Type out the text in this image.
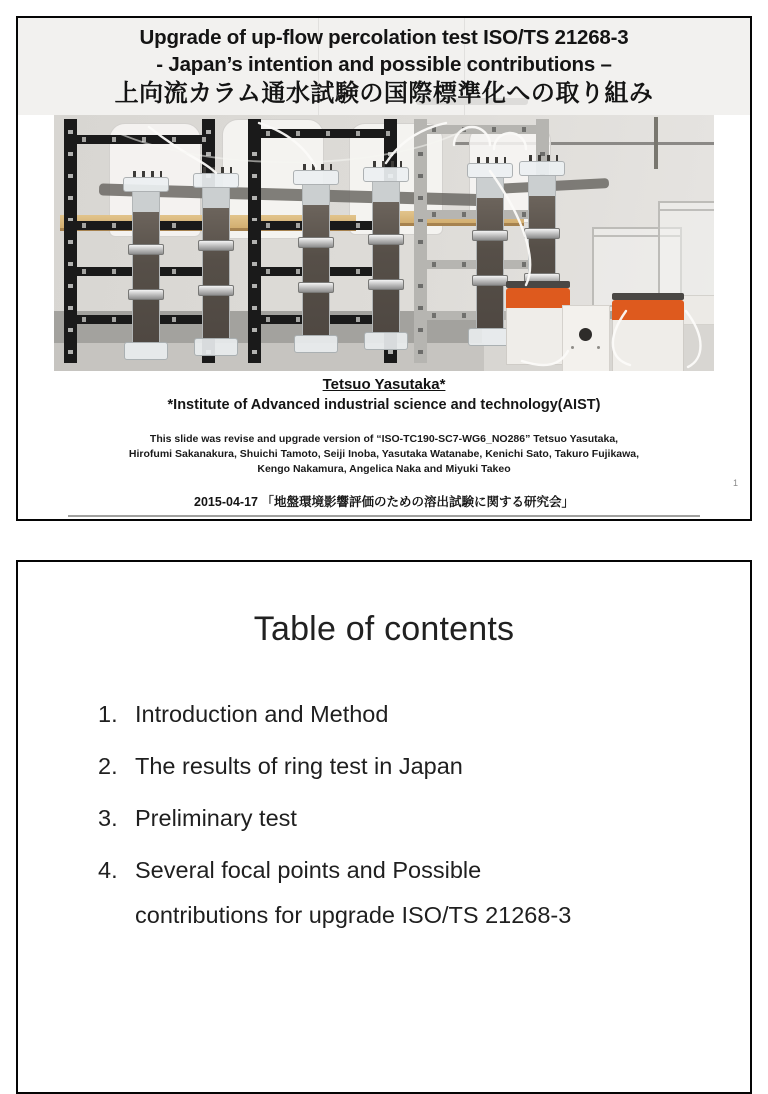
Upgrade of up-flow percolation test ISO/TS 21268-3
- Japan’s intention and possible contributions –
上向流カラム通水試験の国際標準化への取り組み
Tetsuo Yasutaka*
*Institute of Advanced industrial science and technology(AIST)
This slide was revise and upgrade version of “ISO-TC190-SC7-WG6_NO286” Tetsuo Yasutaka,
Hirofumi Sakanakura, Shuichi Tamoto, Seiji Inoba, Yasutaka Watanabe, Kenichi Sato, Takuro Fujikawa,
Kengo Nakamura, Angelica Naka and Miyuki Takeo
2015-04-17 「地盤環境影響評価のための溶出試験に関する研究会」
1
Table of contents
1. Introduction and Method
2. The results of ring test in Japan
3. Preliminary test
4. Several focal points and Possible
contributions for upgrade ISO/TS 21268-3
